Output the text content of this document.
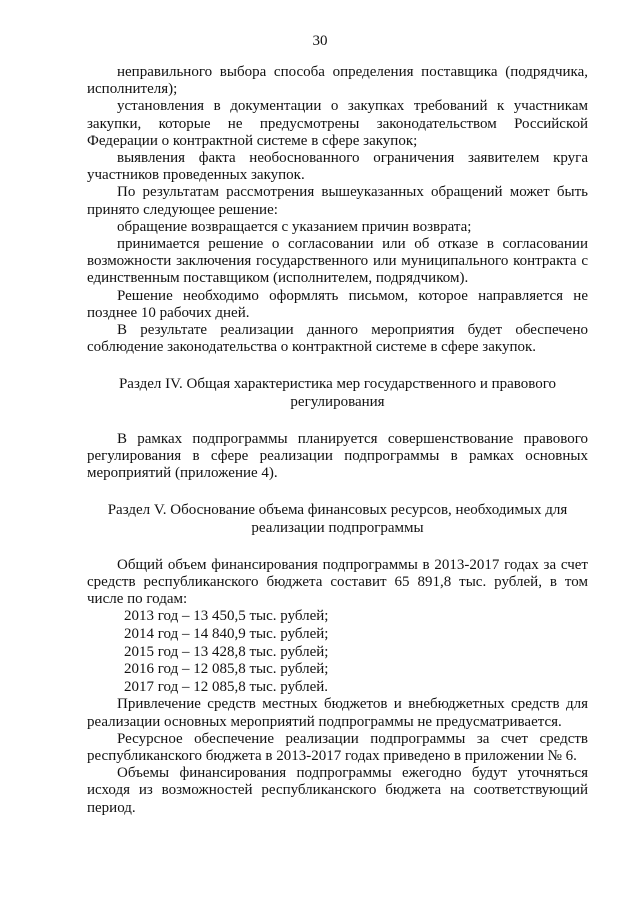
30

неправильного выбора способа определения поставщика (подрядчика, исполнителя);

установления в документации о закупках требований к участникам закупки, которые не предусмотрены законодательством Российской Федерации о контрактной системе в сфере закупок;

выявления факта необоснованного ограничения заявителем круга участников проведенных закупок.

По результатам рассмотрения вышеуказанных обращений может быть принято следующее решение:

обращение возвращается с указанием причин возврата;

принимается решение о согласовании или об отказе в согласовании возможности заключения государственного или муниципального контракта с единственным поставщиком (исполнителем, подрядчиком).

Решение необходимо оформлять письмом, которое направляется не позднее 10 рабочих дней.

В результате реализации данного мероприятия будет обеспечено соблюдение законодательства о контрактной системе в сфере закупок.

Раздел IV. Общая характеристика мер государственного и правового регулирования

В рамках подпрограммы планируется совершенствование правового регулирования в сфере реализации подпрограммы в рамках основных мероприятий (приложение 4).

Раздел V. Обоснование объема финансовых ресурсов, необходимых для реализации подпрограммы

Общий объем финансирования подпрограммы в 2013-2017 годах за счет средств республиканского бюджета составит 65 891,8 тыс. рублей, в том числе по годам:

2013 год – 13 450,5 тыс. рублей;

2014 год – 14 840,9 тыс. рублей;

2015 год – 13 428,8 тыс. рублей;

2016 год – 12 085,8 тыс. рублей;

2017 год – 12 085,8 тыс. рублей.

Привлечение средств местных бюджетов и внебюджетных средств для реализации основных мероприятий подпрограммы не предусматривается.

Ресурсное обеспечение реализации подпрограммы за счет средств республиканского бюджета в 2013-2017 годах приведено в приложении № 6.

Объемы финансирования подпрограммы ежегодно будут уточняться исходя из возможностей республиканского бюджета на соответствующий период.
